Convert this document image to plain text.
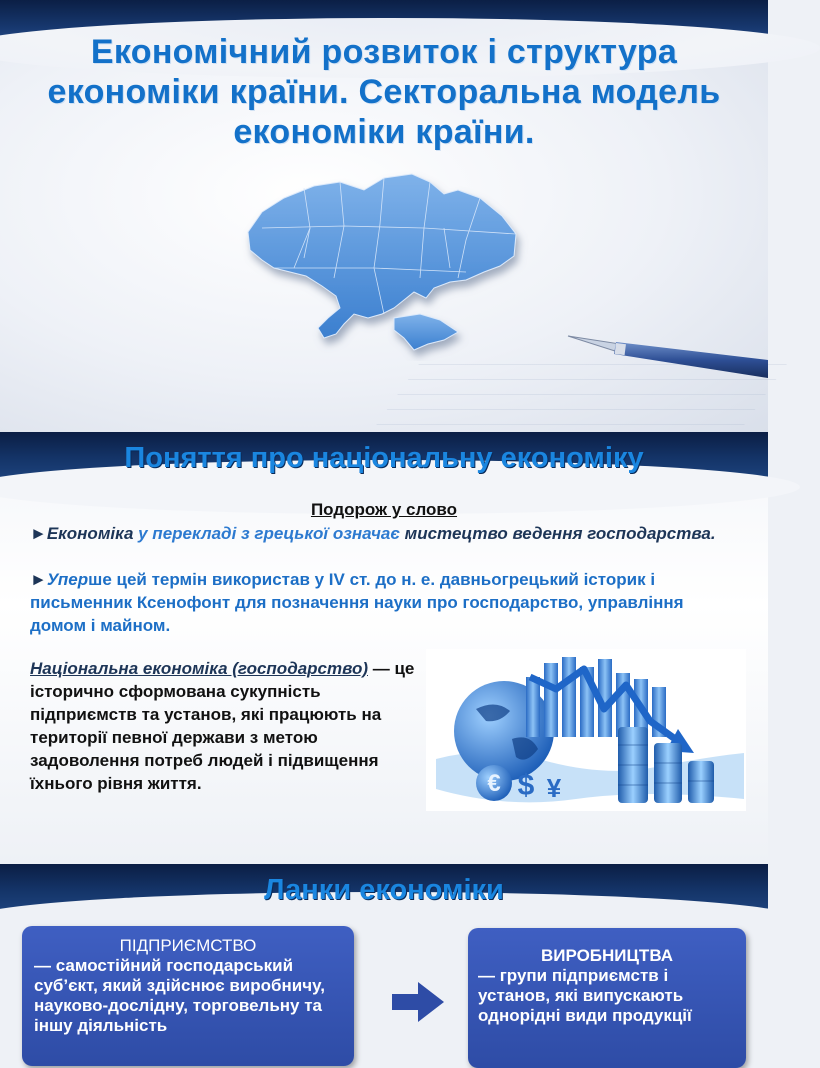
Економічний розвиток і структура економіки країни. Секторальна модель економіки країни.
Поняття про національну економіку
Подорож у слово
►Економіка у перекладі з грецької означає мистецтво ведення господарства.
►Уперше цей термін використав у IV ст. до н. е. давньогрецький історик і письменник Ксенофонт для позначення науки про господарство, управління домом і майном.
Національна економіка (господарство) — це історично сформована сукупність підприємств та установ, які працюють на території певної держави з метою задоволення потреб людей і підвищення їхнього рівня життя.	€ $ ¥
Ланки економіки
ПІДПРИЄМСТВО
— самостійний господарський суб’єкт, який здійснює виробничу, науково-дослідну, торговельну та іншу діяльність
ВИРОБНИЦТВА
— групи підприємств і установ, які випускають однорідні види продукції
